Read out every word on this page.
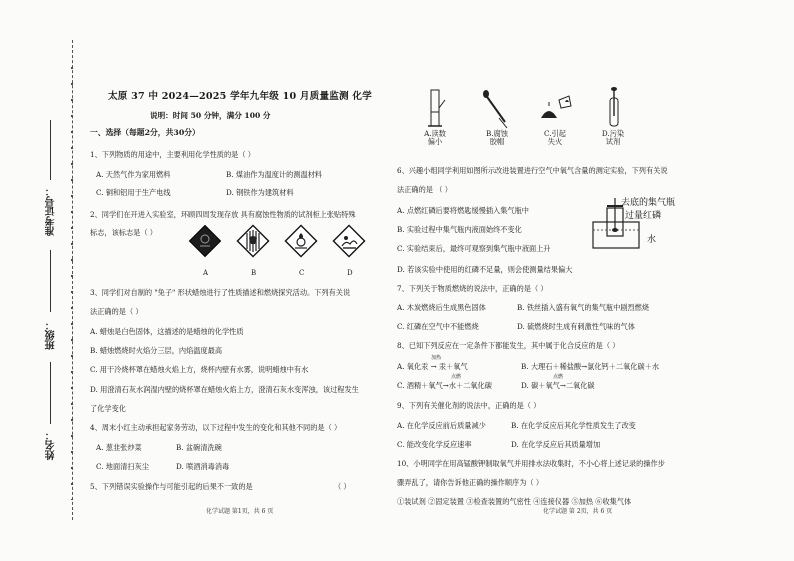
准考证号：
班级：
姓名：
太原 37 中 2024—2025 学年九年级 10 月质量监测 化学
说明：时间 50 分钟，满分 100 分
一、选择（每题2分，共30分）
1、下列物质的用途中，主要利用化学性质的是（ ）
A. 天然气作为家用燃料	B. 煤油作为温度计的测温材料
C. 铜和铝用于生产电线	D. 钢铁作为建筑材料
2、同学们在开进入实验室，环顾四周发现存放 具有腐蚀性物质的试剂柜上张贴特殊
标志，该标志是（ ）
A	B	C	D
3、同学们对自制的 "兔子" 形状蜡烛进行了性质描述和燃烧探究活动。下列有关说
法正确的是（ ）
A. 蜡烛是白色固体，这描述的是蜡烛的化学性质
B. 蜡烛燃烧时火焰分三层，内焰温度最高
C. 用干冷烧杯罩在蜡烛火焰上方，烧杯内壁有水雾，说明蜡烛中有水
D. 用澄清石灰水润湿内壁的烧杯罩在蜡烛火焰上方，澄清石灰水变浑浊，该过程发生
了化学变化
4、周末小红主动承担起家务劳动，以下过程中发生的变化和其他不同的是（ ）
A. 葱韭张炒菜	B. 盆碗清洗碗
C. 地面清扫灰尘	D. 喷酒消毒消毒
5、下列错误实验操作与可能引起的后果不一致的是	（ ）
化学试题 第1页，共 6 页
A.读数
偏小
B.腐蚀
胶帽
C.引起
失火
D.污染
试剂
6、兴趣小组同学利用如图所示改进装置进行空气中氧气含量的测定实验，下列有关说
法正确的是 （ ）
A. 点燃红磷后要将燃匙缓慢插入集气瓶中
B. 实验过程中集气瓶内液面始终不变化
C. 实验结束后，最终可观察到集气瓶中液面上升
D. 若该实验中使用的红磷不足量，则会使测量结果偏大
去底的集气瓶
过量红磷
水
7、下列关于物质燃烧的说法中，正确的是（ ）
A. 木炭燃烧后生成黑色固体	B. 铁丝插入盛有氧气的集气瓶中剧烈燃烧
C. 红磷在空气中不能燃烧	D. 硫燃烧时生成有刺激性气味的气体
8、已知下列反应在一定条件下都能发生，其中属于化合反应的是（ ）
加热
A. 氧化汞 → 汞＋氧气	B. 大理石＋稀盐酸→氯化钙＋二氧化碳＋水
点燃
C. 酒精＋氧气→水＋二氧化碳
点燃
D. 碳＋氧气→二氧化碳
9、下列有关催化剂的说法中，正确的是（ ）
A. 在化学反应前后质量减少	B. 在化学反应后其化学性质发生了改变
C. 能改变化学反应速率	D. 在化学反应后其质量增加
10、小明同学在用高锰酸钾制取氧气并用排水法收集时，不小心将上述记录的操作步
骤弄乱了，请你告诉他正确的操作顺序为（ ）
①装试剂 ②固定装置 ③检查装置的气密性 ④连接仪器 ⑤加热 ⑥收集气体
化学试题 第 2页，共 6 页
